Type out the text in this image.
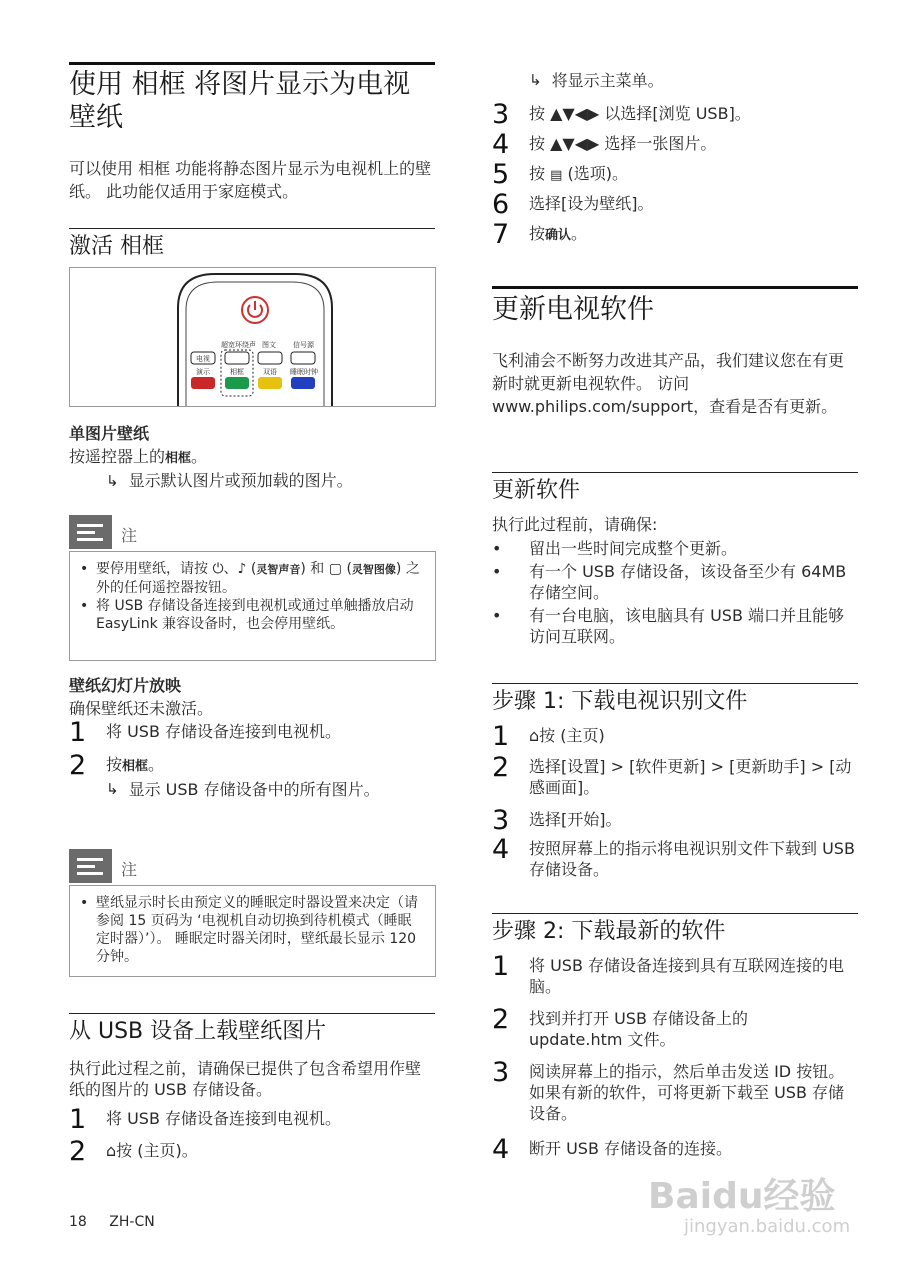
使用 相框 将图片显示为电视壁纸
可以使用 相框 功能将静态图片显示为电视机上的壁纸。 此功能仅适用于家庭模式。
激活 相框
超宽环绕声 图文 信号源
电视
演示	相框	双语 睡眠时钟
单图片壁纸
按遥控器上的相框。
↳ 显示默认图片或预加载的图片。
注
• 要停用壁纸，请按 ⏻、♪ (灵智声音) 和 ▢ (灵智图像) 之外的任何遥控器按钮。
• 将 USB 存储设备连接到电视机或通过单触播放启动 EasyLink 兼容设备时，也会停用壁纸。
壁纸幻灯片放映
确保壁纸还未激活。
1	将 USB 存储设备连接到电视机。
2	按相框。
↳ 显示 USB 存储设备中的所有图片。
注
• 壁纸显示时长由预定义的睡眠定时器设置来决定（请参阅 15 页码为 ‘电视机自动切换到待机模式（睡眠定时器）’）。 睡眠定时器关闭时，壁纸最长显示 120 分钟。
从 USB 设备上载壁纸图片
执行此过程之前，请确保已提供了包含希望用作壁纸的图片的 USB 存储设备。
1	将 USB 存储设备连接到电视机。
2	⌂按 (主页)。
18 ZH-CN
↳ 将显示主菜单。
3	按 ▲▼◀▶ 以选择[浏览 USB]。
4	按 ▲▼◀▶ 选择一张图片。
5	按 ▤ (选项)。
6	选择[设为壁纸]。
7	按确认。
更新电视软件
飞利浦会不断努力改进其产品，我们建议您在有更新时就更新电视软件。 访问 www.philips.com/support，查看是否有更新。
更新软件
执行此过程前，请确保:
•	留出一些时间完成整个更新。
•	有一个 USB 存储设备，该设备至少有 64MB 存储空间。
•	有一台电脑，该电脑具有 USB 端口并且能够访问互联网。
步骤 1: 下载电视识别文件
1	⌂按 (主页)
2	选择[设置] > [软件更新] > [更新助手] > [动感画面]。
3	选择[开始]。
4	按照屏幕上的指示将电视识别文件下载到 USB 存储设备。
步骤 2: 下载最新的软件
1	将 USB 存储设备连接到具有互联网连接的电脑。
2	找到并打开 USB 存储设备上的 update.htm 文件。
3	阅读屏幕上的指示，然后单击发送 ID 按钮。如果有新的软件，可将更新下载至 USB 存储设备。
4	断开 USB 存储设备的连接。
Baidu经验
jingyan.baidu.com
